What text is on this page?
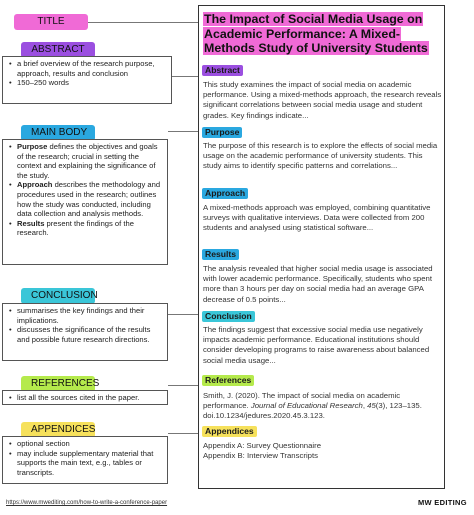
TITLE
ABSTRACT
• a brief overview of the research purpose, approach, results and conclusion
• 150–250 words
MAIN BODY
• Purpose defines the objectives and goals of the research; crucial in setting the context and explaining the significance of the study.
• Approach describes the methodology and procedures used in the research; outlines how the study was conducted, including data collection and analysis methods.
• Results present the findings of the research.
CONCLUSION
• summarises the key findings and their implications.
• discusses the significance of the results and possible future research directions.
REFERENCES
• list all the sources cited in the paper.
APPENDICES
• optional section
• may include supplementary material that supports the main text, e.g., tables or transcripts.
The Impact of Social Media Usage on Academic Performance: A Mixed-Methods Study of University Students
Abstract
This study examines the impact of social media on academic performance. Using a mixed-methods approach, the research reveals significant correlations between social media usage and student grades. Key findings indicate...
Purpose
The purpose of this research is to explore the effects of social media usage on the academic performance of university students. This study aims to identify specific patterns and correlations...
Approach
A mixed-methods approach was employed, combining quantitative surveys with qualitative interviews. Data were collected from 200 students and analysed using statistical software...
Results
The analysis revealed that higher social media usage is associated with lower academic performance. Specifically, students who spent more than 3 hours per day on social media had an average GPA decrease of 0.5 points...
Conclusion
The findings suggest that excessive social media use negatively impacts academic performance. Educational institutions should consider developing programs to raise awareness about balanced social media usage...
References
Smith, J. (2020). The impact of social media on academic performance. Journal of Educational Research, 45(3), 123–135. doi.10.1234/jedures.2020.45.3.123.
Appendices
Appendix A: Survey Questionnaire
Appendix B: Interview Transcripts
https://www.mwediting.com/how-to-write-a-conference-paper	MW EDITING
